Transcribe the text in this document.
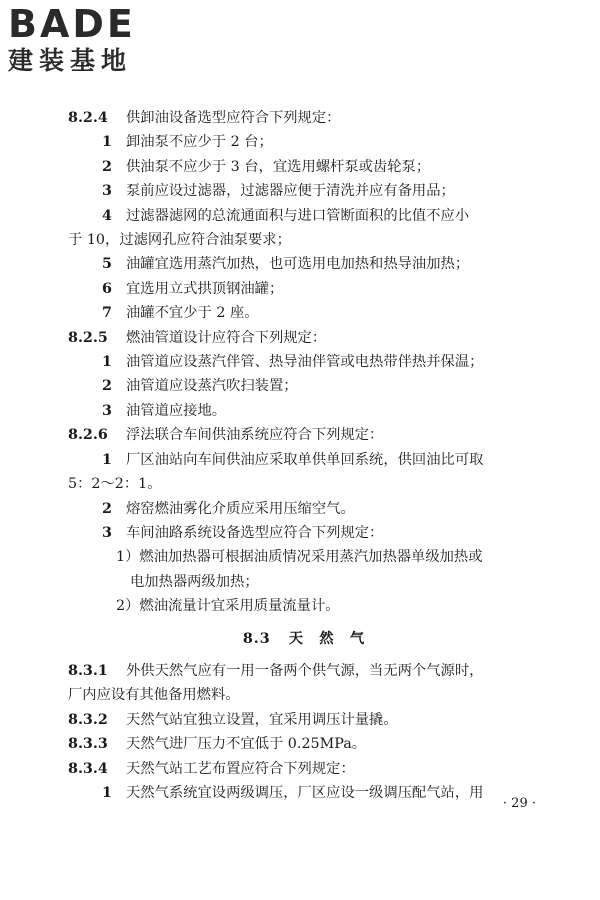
BADE
建装基地
8.2.4 供卸油设备选型应符合下列规定：
1 卸油泵不应少于 2 台；
2 供油泵不应少于 3 台，宜选用螺杆泵或齿轮泵；
3 泵前应设过滤器，过滤器应便于清洗并应有备用品；
4 过滤器滤网的总流通面积与进口管断面积的比值不应小
于 10，过滤网孔应符合油泵要求；
5 油罐宜选用蒸汽加热，也可选用电加热和热导油加热；
6 宜选用立式拱顶钢油罐；
7 油罐不宜少于 2 座。
8.2.5 燃油管道设计应符合下列规定：
1 油管道应设蒸汽伴管、热导油伴管或电热带伴热并保温；
2 油管道应设蒸汽吹扫装置；
3 油管道应接地。
8.2.6 浮法联合车间供油系统应符合下列规定：
1 厂区油站向车间供油应采取单供单回系统，供回油比可取
5：2～2：1。
2 熔窑燃油雾化介质应采用压缩空气。
3 车间油路系统设备选型应符合下列规定：
1）燃油加热器可根据油质情况采用蒸汽加热器单级加热或
电加热器两级加热；
2）燃油流量计宜采用质量流量计。
8.3 天　然　气
8.3.1 外供天然气应有一用一备两个供气源，当无两个气源时，
厂内应设有其他备用燃料。
8.3.2 天然气站宜独立设置，宜采用调压计量撬。
8.3.3 天然气进厂压力不宜低于 0.25MPa。
8.3.4 天然气站工艺布置应符合下列规定：
1 天然气系统宜设两级调压，厂区应设一级调压配气站，用
· 29 ·
